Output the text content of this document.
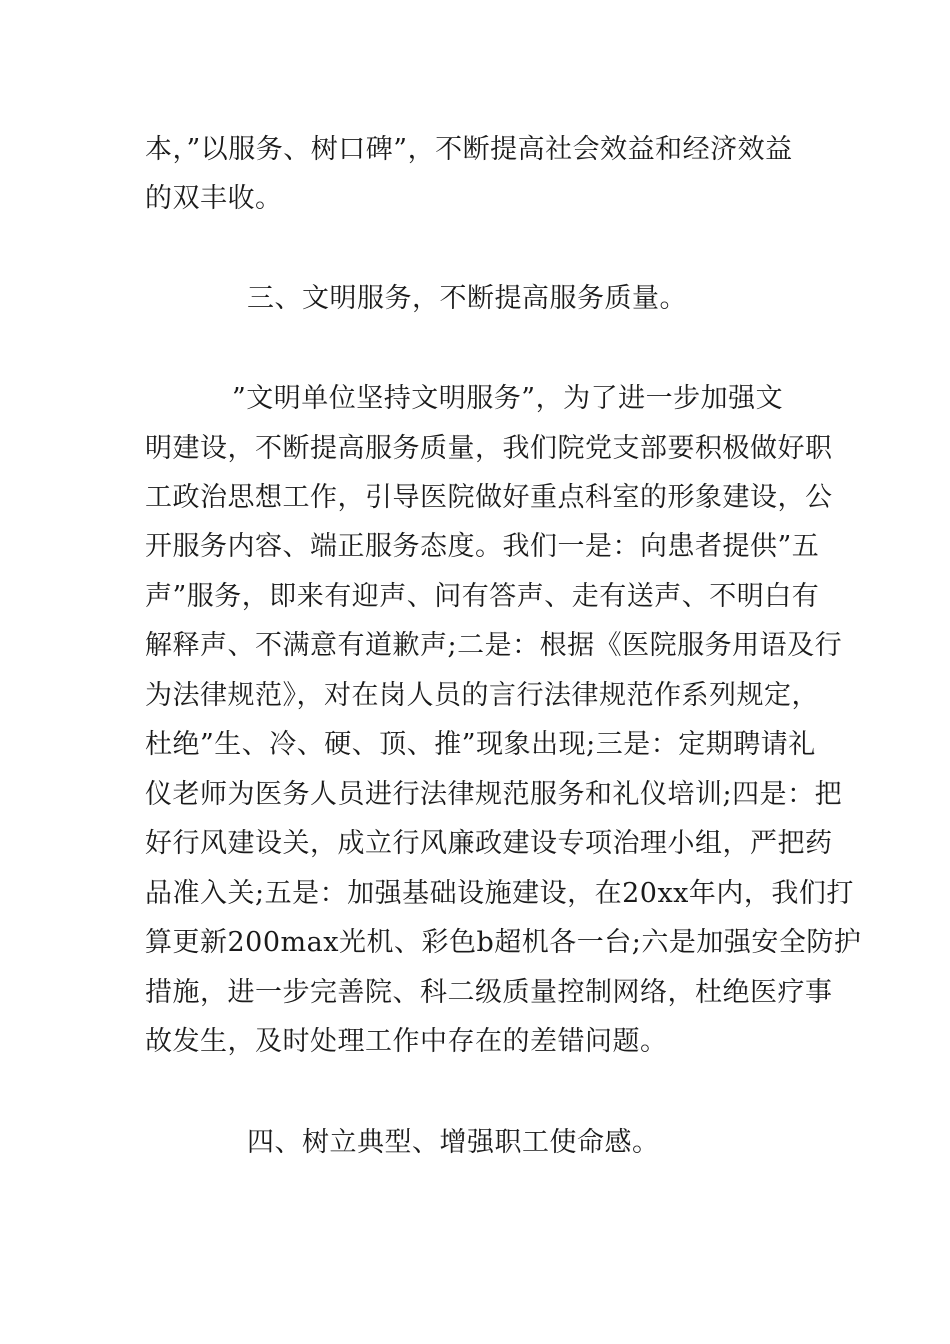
本，”以服务、树口碑”，不断提高社会效益和经济效益
的双丰收。
三、文明服务，不断提高服务质量。
”文明单位坚持文明服务”，为了进一步加强文
明建设，不断提高服务质量，我们院党支部要积极做好职
工政治思想工作，引导医院做好重点科室的形象建设，公
开服务内容、端正服务态度。我们一是：向患者提供”五
声”服务，即来有迎声、问有答声、走有送声、不明白有
解释声、不满意有道歉声;二是：根据《医院服务用语及行
为法律规范》，对在岗人员的言行法律规范作系列规定，
杜绝”生、冷、硬、顶、推”现象出现;三是：定期聘请礼
仪老师为医务人员进行法律规范服务和礼仪培训;四是：把
好行风建设关，成立行风廉政建设专项治理小组，严把药
品准入关;五是：加强基础设施建设，在20xx年内，我们打
算更新200max光机、彩色b超机各一台;六是加强安全防护
措施，进一步完善院、科二级质量控制网络，杜绝医疗事
故发生，及时处理工作中存在的差错问题。
四、树立典型、增强职工使命感。
